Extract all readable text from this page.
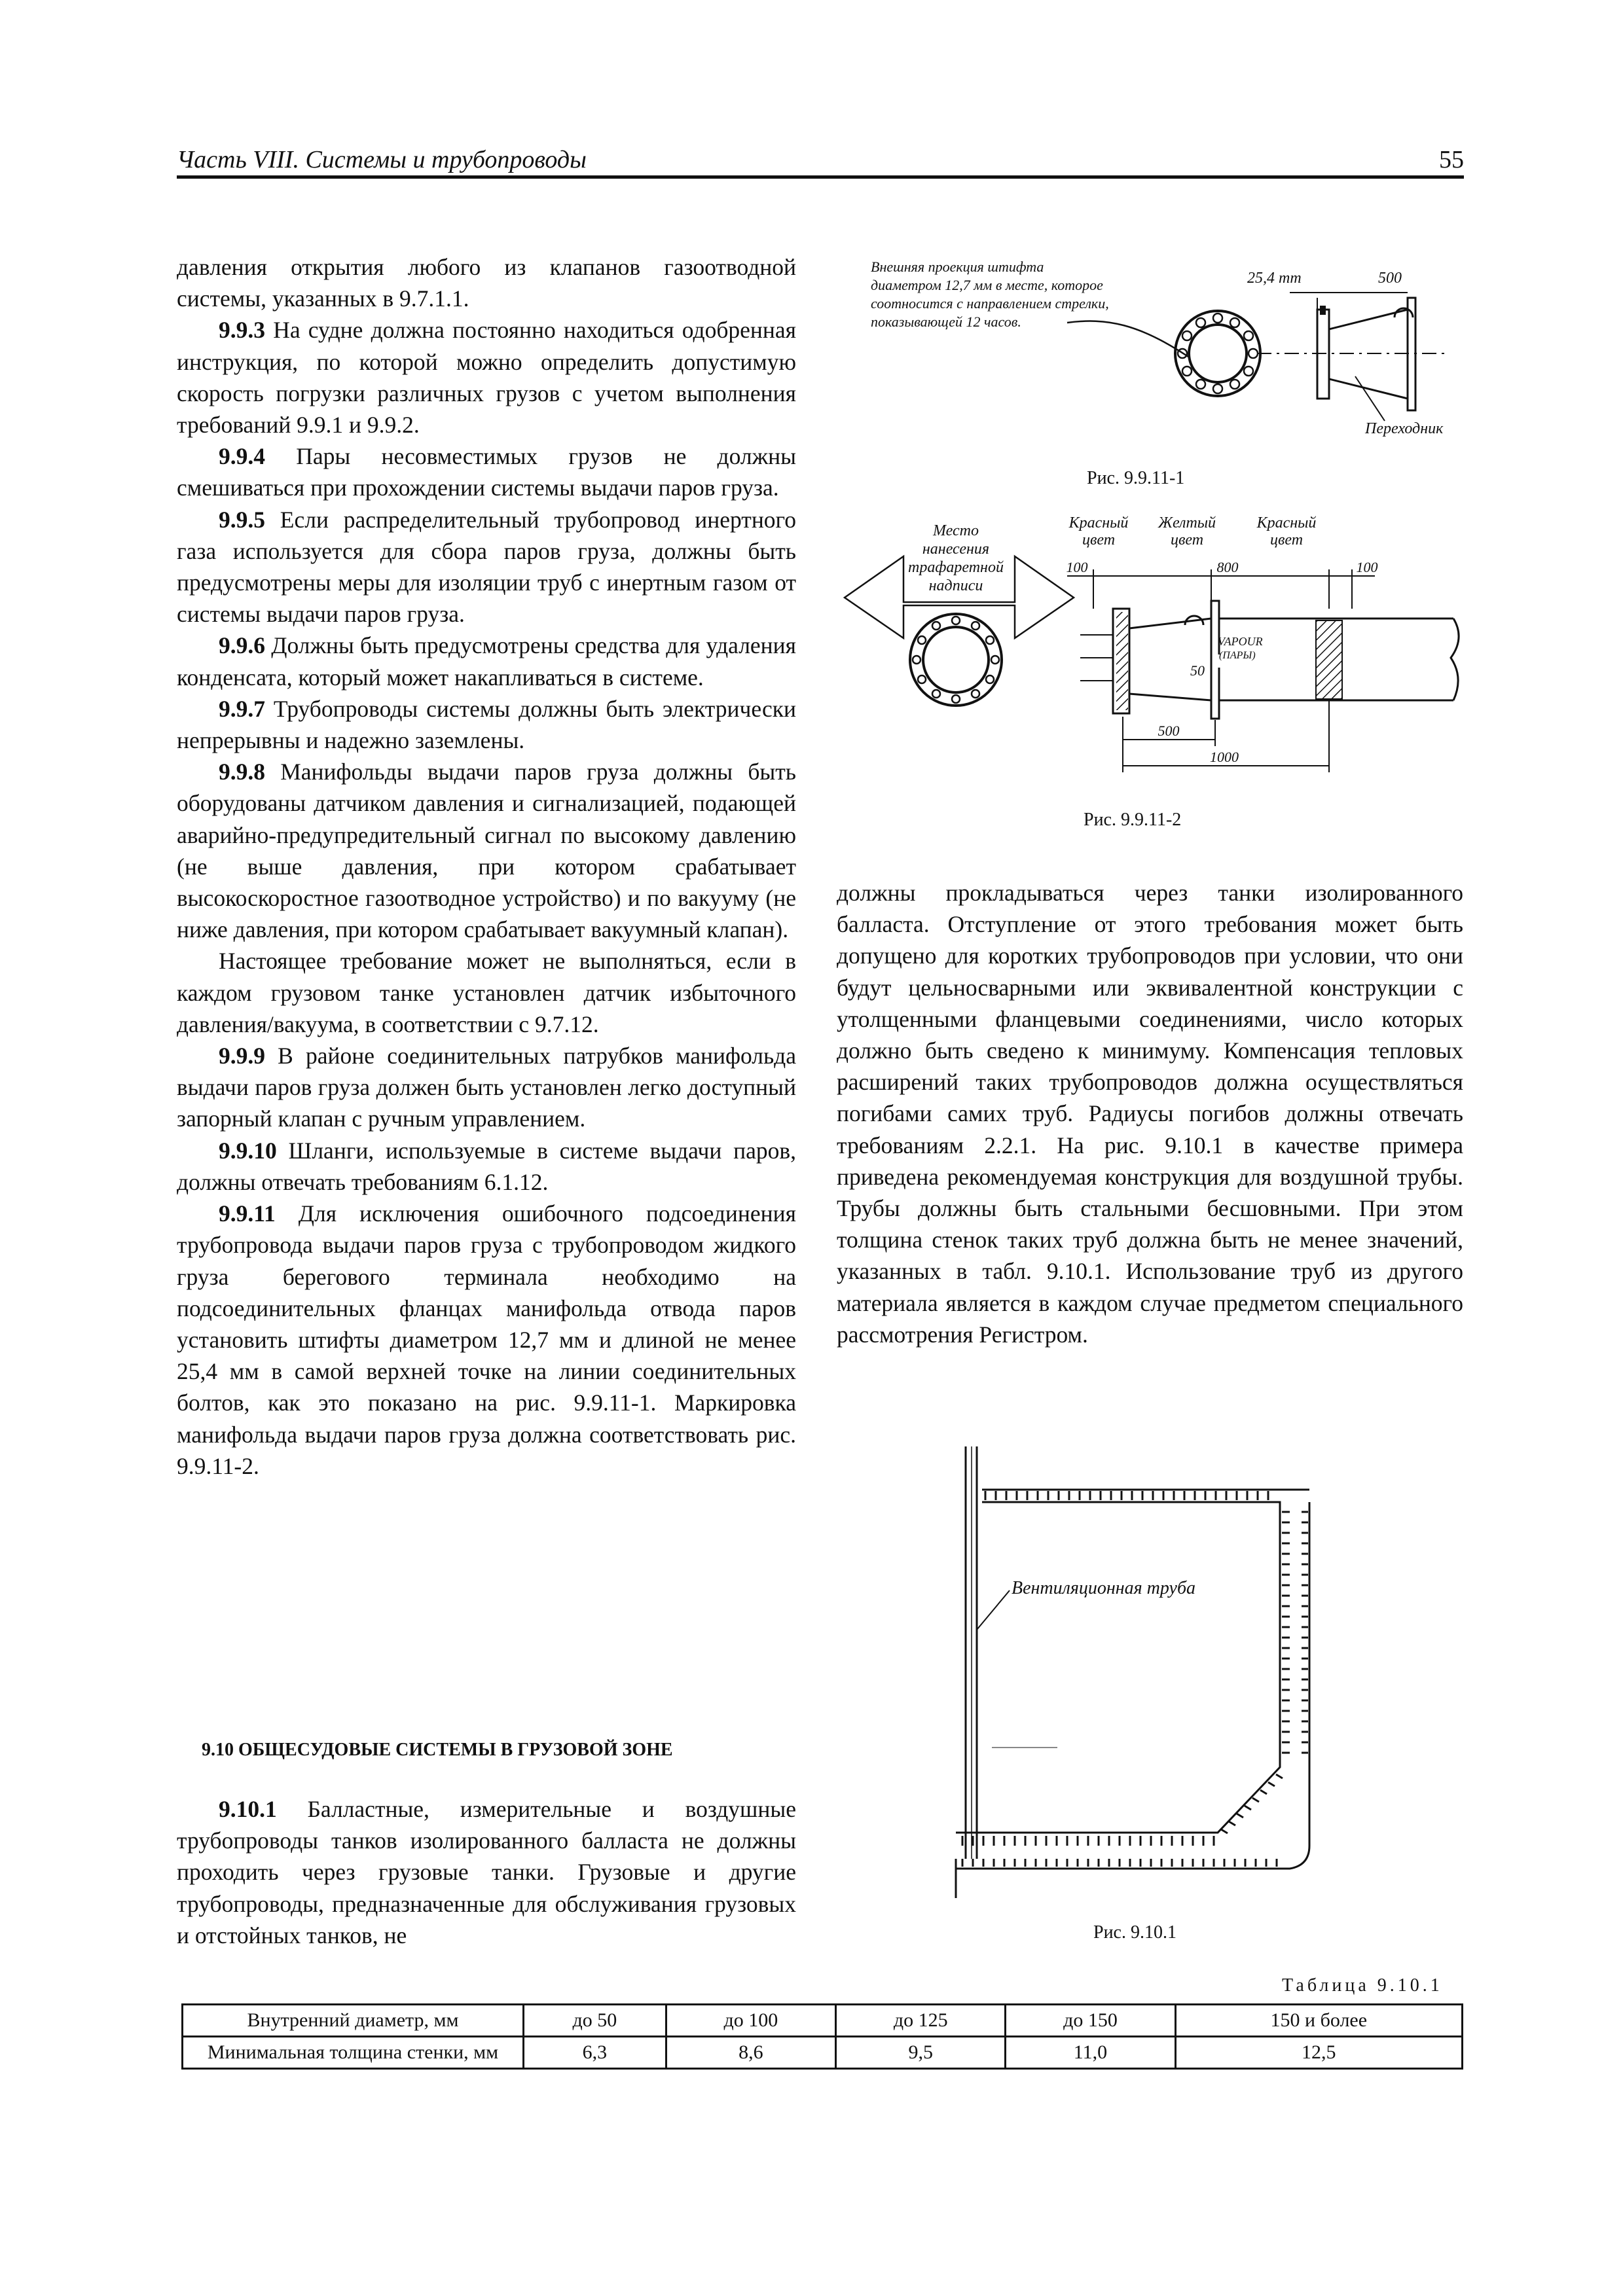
Часть VIII. Системы и трубопроводы	55

давления открытия любого из клапанов газоотводной системы, указанных в 9.7.1.1.

9.9.3 На судне должна постоянно находиться одобренная инструкция, по которой можно определить допустимую скорость погрузки различных грузов с учетом выполнения требований 9.9.1 и 9.9.2.

9.9.4 Пары несовместимых грузов не должны смешиваться при прохождении системы выдачи паров груза.

9.9.5 Если распределительный трубопровод инертного газа используется для сбора паров груза, должны быть предусмотрены меры для изоляции труб с инертным газом от системы выдачи паров груза.

9.9.6 Должны быть предусмотрены средства для удаления конденсата, который может накапливаться в системе.

9.9.7 Трубопроводы системы должны быть электрически непрерывны и надежно заземлены.

9.9.8 Манифольды выдачи паров груза должны быть оборудованы датчиком давления и сигнализацией, подающей аварийно-предупредительный сигнал по высокому давлению (не выше давления, при котором срабатывает высокоскоростное газоотводное устройство) и по вакууму (не ниже давления, при котором срабатывает вакуумный клапан).

Настоящее требование может не выполняться, если в каждом грузовом танке установлен датчик избыточного давления/вакуума, в соответствии с 9.7.12.

9.9.9 В районе соединительных патрубков манифольда выдачи паров груза должен быть установлен легко доступный запорный клапан с ручным управлением.

9.9.10 Шланги, используемые в системе выдачи паров, должны отвечать требованиям 6.1.12.

9.9.11 Для исключения ошибочного подсоединения трубопровода выдачи паров груза с трубопроводом жидкого груза берегового терминала необходимо на подсоединительных фланцах манифольда отвода паров установить штифты диаметром 12,7 мм и длиной не менее 25,4 мм в самой верхней точке на линии соединительных болтов, как это показано на рис. 9.9.11-1. Маркировка манифольда выдачи паров груза должна соответствовать рис. 9.9.11-2.

9.10 ОБЩЕСУДОВЫЕ СИСТЕМЫ В ГРУЗОВОЙ ЗОНЕ

9.10.1 Балластные, измерительные и воздушные трубопроводы танков изолированного балласта не должны проходить через грузовые танки. Грузовые и другие трубопроводы, предназначенные для обслуживания грузовых и отстойных танков, не

Внешняя проекция штифта
диаметром 12,7 мм в месте, которое
соотносится с направлением стрелки,
показывающей 12 часов.
25,4 mm	500
Переходник
Рис. 9.9.11-1
Место
нанесения
трафаретной
надписи
Красный
цвет
Желтый
цвет
Красный
цвет
100	800	100
VAPOUR
(ПАРЫ)
50
500
1000
Рис. 9.9.11-2
должны прокладываться через танки изолированного балласта. Отступление от этого требования может быть допущено для коротких трубопроводов при условии, что они будут цельносварными или эквивалентной конструкции с утолщенными фланцевыми соединениями, число которых должно быть сведено к минимуму. Компенсация тепловых расширений таких трубопроводов должна осуществляться погибами самих труб. Радиусы погибов должны отвечать требованиям 2.2.1. На рис. 9.10.1 в качестве примера приведена рекомендуемая конструкция для воздушной трубы. Трубы должны быть стальными бесшовными. При этом толщина стенок таких труб должна быть не менее значений, указанных в табл. 9.10.1. Использование труб из другого материала является в каждом случае предметом специального рассмотрения Регистром.
Вентиляционная труба
Рис. 9.10.1
Таблица 9.10.1
Внутренний диаметр, мм	до 50	до 100	до 125	до 150	150 и более
Минимальная толщина стенки, мм	6,3	8,6	9,5	11,0	12,5
